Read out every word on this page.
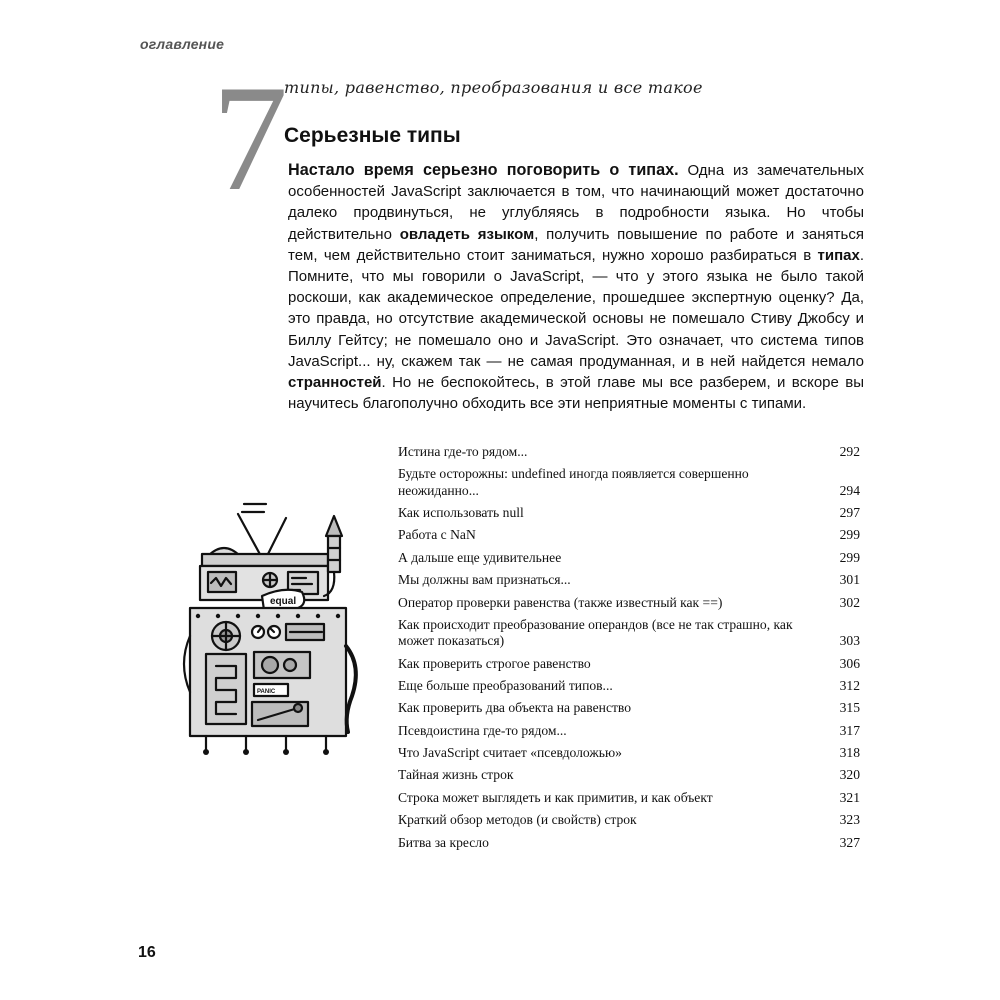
оглавление
7
типы, равенство, преобразования и все такое
Серьезные типы
Настало время серьезно поговорить о типах. Одна из замечательных особенностей JavaScript заключается в том, что начинающий может достаточно далеко продвинуться, не углубляясь в подробности языка. Но чтобы действительно овладеть языком, получить повышение по работе и заняться тем, чем действительно стоит заниматься, нужно хорошо разбираться в типах. Помните, что мы говорили о JavaScript, — что у этого языка не было такой роскоши, как академическое определение, прошедшее экспертную оценку? Да, это правда, но отсутствие академической основы не помешало Стиву Джобсу и Биллу Гейтсу; не помешало оно и JavaScript. Это означает, что система типов JavaScript... ну, скажем так — не самая продуманная, и в ней найдется немало странностей. Но не беспокойтесь, в этой главе мы все разберем, и вскоре вы научитесь благополучно обходить все эти неприятные моменты с типами.
equal
PANIC
Истина где-то рядом...	292
Будьте осторожны: undefined иногда появляется совершенно неожиданно...	294
Как использовать null	297
Работа с NaN	299
А дальше еще удивительнее	299
Мы должны вам признаться...	301
Оператор проверки равенства (также известный как ==)	302
Как происходит преобразование операндов (все не так страшно, как может показаться)	303
Как проверить строгое равенство	306
Еще больше преобразований типов...	312
Как проверить два объекта на равенство	315
Псевдоистина где-то рядом...	317
Что JavaScript считает «псевдоложью»	318
Тайная жизнь строк	320
Строка может выглядеть и как примитив, и как объект	321
Краткий обзор методов (и свойств) строк	323
Битва за кресло	327
16
